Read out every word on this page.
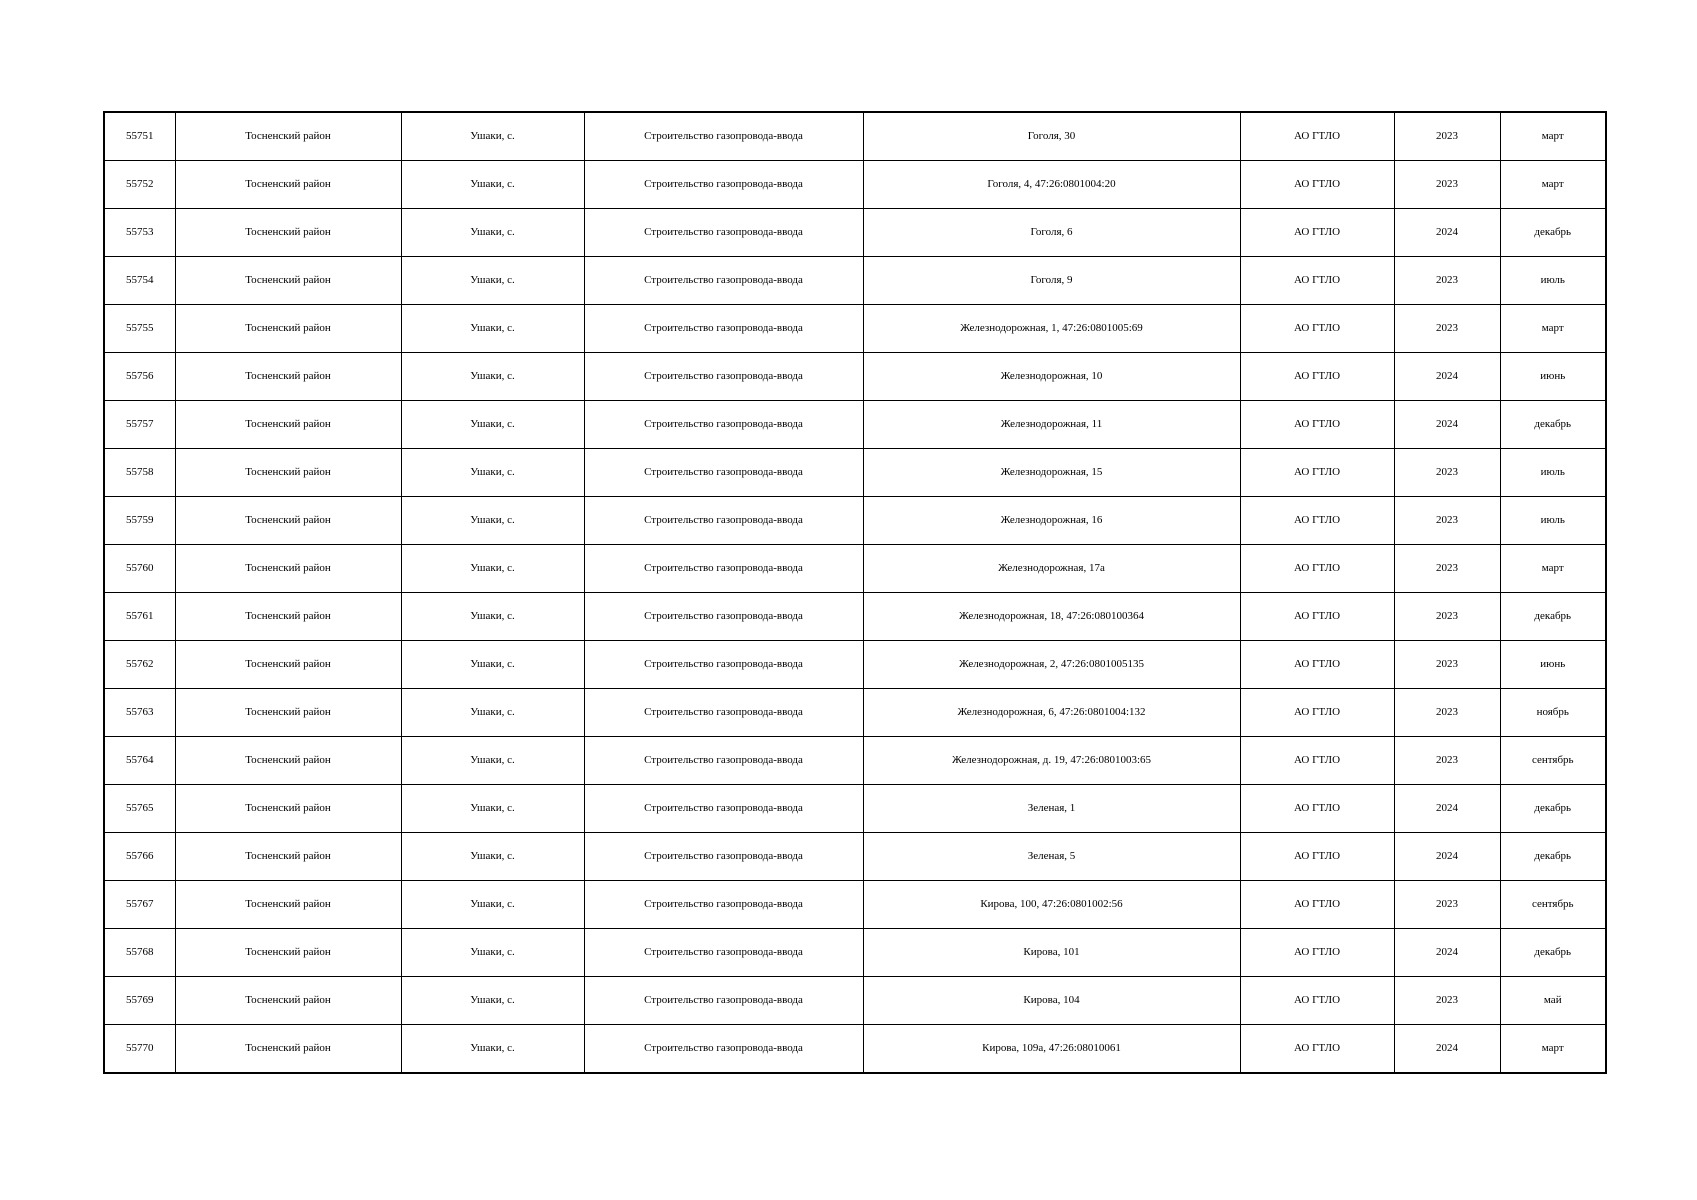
55751	Тосненский район	Ушаки, с.	Строительство газопровода-ввода	Гоголя, 30	АО ГТЛО	2023	март
55752	Тосненский район	Ушаки, с.	Строительство газопровода-ввода	Гоголя, 4, 47:26:0801004:20	АО ГТЛО	2023	март
55753	Тосненский район	Ушаки, с.	Строительство газопровода-ввода	Гоголя, 6	АО ГТЛО	2024	декабрь
55754	Тосненский район	Ушаки, с.	Строительство газопровода-ввода	Гоголя, 9	АО ГТЛО	2023	июль
55755	Тосненский район	Ушаки, с.	Строительство газопровода-ввода	Железнодорожная, 1, 47:26:0801005:69	АО ГТЛО	2023	март
55756	Тосненский район	Ушаки, с.	Строительство газопровода-ввода	Железнодорожная, 10	АО ГТЛО	2024	июнь
55757	Тосненский район	Ушаки, с.	Строительство газопровода-ввода	Железнодорожная, 11	АО ГТЛО	2024	декабрь
55758	Тосненский район	Ушаки, с.	Строительство газопровода-ввода	Железнодорожная, 15	АО ГТЛО	2023	июль
55759	Тосненский район	Ушаки, с.	Строительство газопровода-ввода	Железнодорожная, 16	АО ГТЛО	2023	июль
55760	Тосненский район	Ушаки, с.	Строительство газопровода-ввода	Железнодорожная, 17а	АО ГТЛО	2023	март
55761	Тосненский район	Ушаки, с.	Строительство газопровода-ввода	Железнодорожная, 18, 47:26:080100364	АО ГТЛО	2023	декабрь
55762	Тосненский район	Ушаки, с.	Строительство газопровода-ввода	Железнодорожная, 2, 47:26:0801005135	АО ГТЛО	2023	июнь
55763	Тосненский район	Ушаки, с.	Строительство газопровода-ввода	Железнодорожная, 6, 47:26:0801004:132	АО ГТЛО	2023	ноябрь
55764	Тосненский район	Ушаки, с.	Строительство газопровода-ввода	Железнодорожная, д. 19, 47:26:0801003:65	АО ГТЛО	2023	сентябрь
55765	Тосненский район	Ушаки, с.	Строительство газопровода-ввода	Зеленая, 1	АО ГТЛО	2024	декабрь
55766	Тосненский район	Ушаки, с.	Строительство газопровода-ввода	Зеленая, 5	АО ГТЛО	2024	декабрь
55767	Тосненский район	Ушаки, с.	Строительство газопровода-ввода	Кирова, 100, 47:26:0801002:56	АО ГТЛО	2023	сентябрь
55768	Тосненский район	Ушаки, с.	Строительство газопровода-ввода	Кирова, 101	АО ГТЛО	2024	декабрь
55769	Тосненский район	Ушаки, с.	Строительство газопровода-ввода	Кирова, 104	АО ГТЛО	2023	май
55770	Тосненский район	Ушаки, с.	Строительство газопровода-ввода	Кирова, 109а, 47:26:08010061	АО ГТЛО	2024	март
